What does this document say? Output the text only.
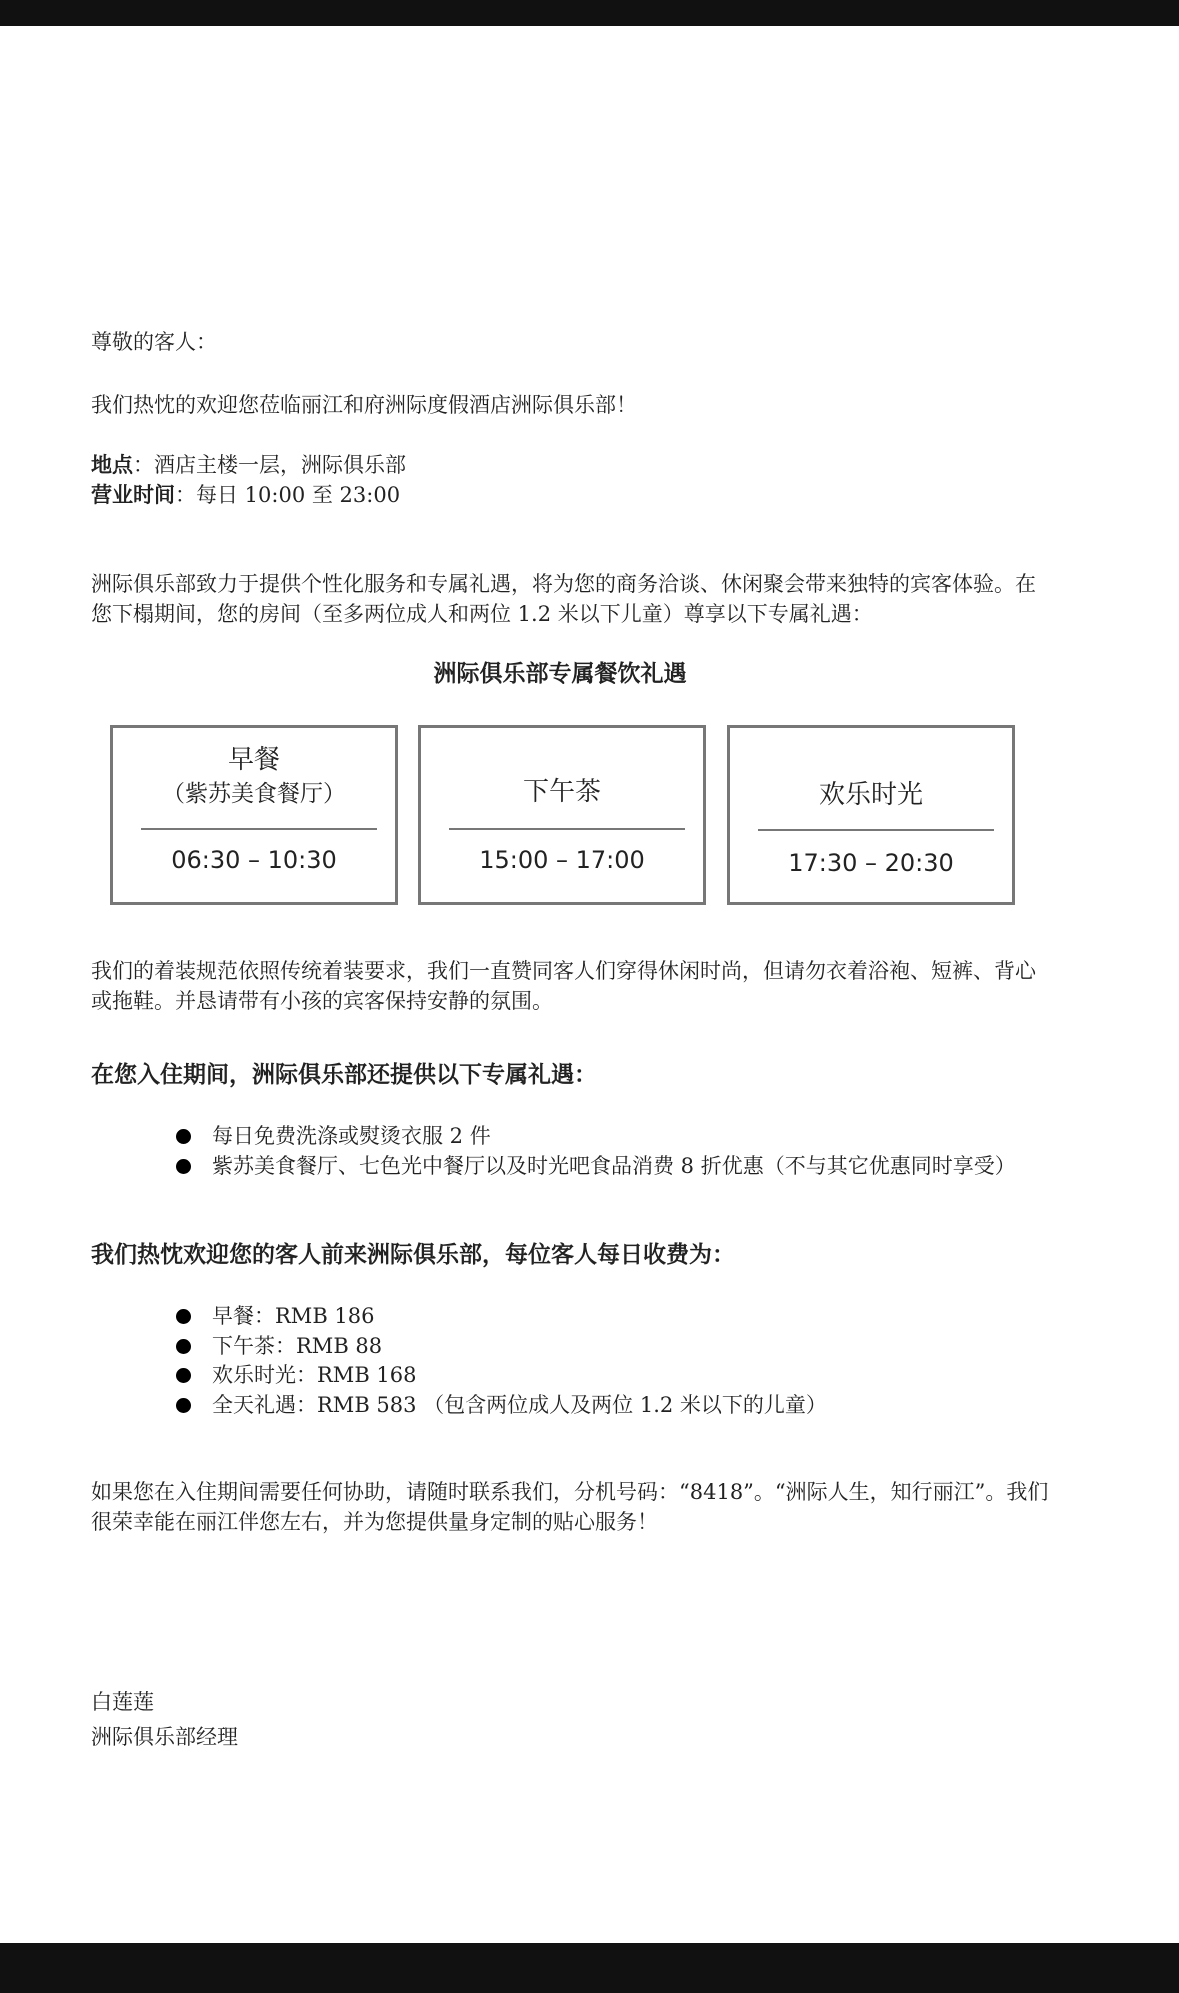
尊敬的客人：

我们热忱的欢迎您莅临丽江和府洲际度假酒店洲际俱乐部！

地点：酒店主楼一层，洲际俱乐部

营业时间：每日 10:00 至 23:00

洲际俱乐部致力于提供个性化服务和专属礼遇，将为您的商务洽谈、休闲聚会带来独特的宾客体验。在您下榻期间，您的房间（至多两位成人和两位 1.2 米以下儿童）尊享以下专属礼遇：

洲际俱乐部专属餐饮礼遇

早餐
（紫苏美食餐厅）
06:30 – 10:30
下午茶
15:00 – 17:00
欢乐时光
17:30 – 20:30

我们的着装规范依照传统着装要求，我们一直赞同客人们穿得休闲时尚，但请勿衣着浴袍、短裤、背心或拖鞋。并恳请带有小孩的宾客保持安静的氛围。

在您入住期间，洲际俱乐部还提供以下专属礼遇：

每日免费洗涤或熨烫衣服 2 件

紫苏美食餐厅、七色光中餐厅以及时光吧食品消费 8 折优惠（不与其它优惠同时享受）

我们热忱欢迎您的客人前来洲际俱乐部，每位客人每日收费为：

早餐：RMB 186

下午茶：RMB 88

欢乐时光：RMB 168

全天礼遇：RMB 583 （包含两位成人及两位 1.2 米以下的儿童）

如果您在入住期间需要任何协助，请随时联系我们，分机号码：“8418”。“洲际人生，知行丽江”。我们很荣幸能在丽江伴您左右，并为您提供量身定制的贴心服务！

白莲莲

洲际俱乐部经理
